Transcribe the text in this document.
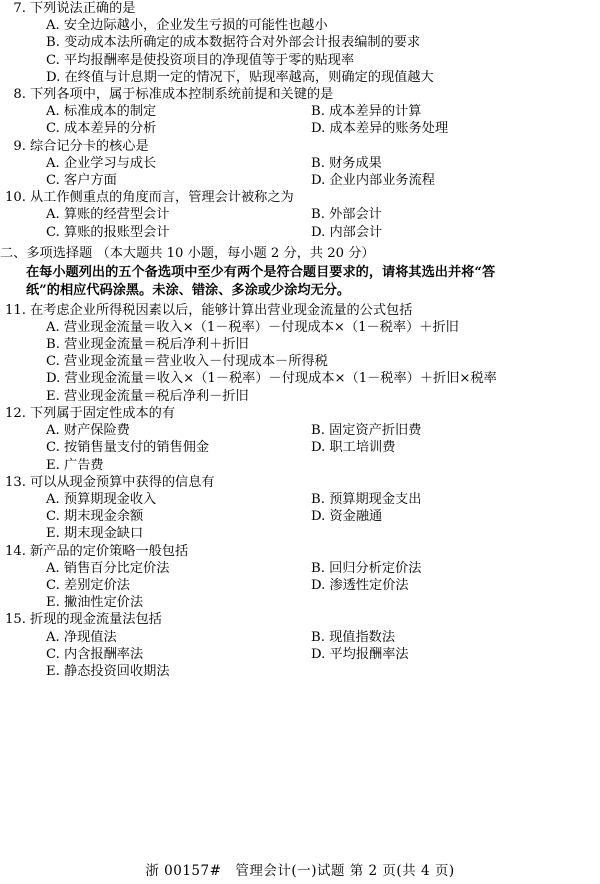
7. 下列说法正确的是
A. 安全边际越小，企业发生亏损的可能性也越小
B. 变动成本法所确定的成本数据符合对外部会计报表编制的要求
C. 平均报酬率是使投资项目的净现值等于零的贴现率
D. 在终值与计息期一定的情况下，贴现率越高，则确定的现值越大
8. 下列各项中，属于标准成本控制系统前提和关键的是
A. 标准成本的制定	B. 成本差异的计算
C. 成本差异的分析	D. 成本差异的账务处理
9. 综合记分卡的核心是
A. 企业学习与成长	B. 财务成果
C. 客户方面	D. 企业内部业务流程
10. 从工作侧重点的角度而言，管理会计被称之为
A. 算账的经营型会计	B. 外部会计
C. 算账的报账型会计	D. 内部会计
二、多项选择题 （本大题共 10 小题，每小题 2 分，共 20 分）
在每小题列出的五个备选项中至少有两个是符合题目要求的，请将其选出并将“答
纸”的相应代码涂黑。未涂、错涂、多涂或少涂均无分。
11. 在考虑企业所得税因素以后，能够计算出营业现金流量的公式包括
A. 营业现金流量＝收入×（1－税率）－付现成本×（1－税率）＋折旧
B. 营业现金流量＝税后净利＋折旧
C. 营业现金流量＝营业收入－付现成本－所得税
D. 营业现金流量＝收入×（1－税率）－付现成本×（1－税率）＋折旧×税率
E. 营业现金流量＝税后净利－折旧
12. 下列属于固定性成本的有
A. 财产保险费	B. 固定资产折旧费
C. 按销售量支付的销售佣金	D. 职工培训费
E. 广告费
13. 可以从现金预算中获得的信息有
A. 预算期现金收入	B. 预算期现金支出
C. 期末现金余额	D. 资金融通
E. 期末现金缺口
14. 新产品的定价策略一般包括
A. 销售百分比定价法	B. 回归分析定价法
C. 差别定价法	D. 渗透性定价法
E. 撇油性定价法
15. 折现的现金流量法包括
A. 净现值法	B. 现值指数法
C. 内含报酬率法	D. 平均报酬率法
E. 静态投资回收期法
浙 00157# 管理会计(一)试题 第 2 页(共 4 页)
